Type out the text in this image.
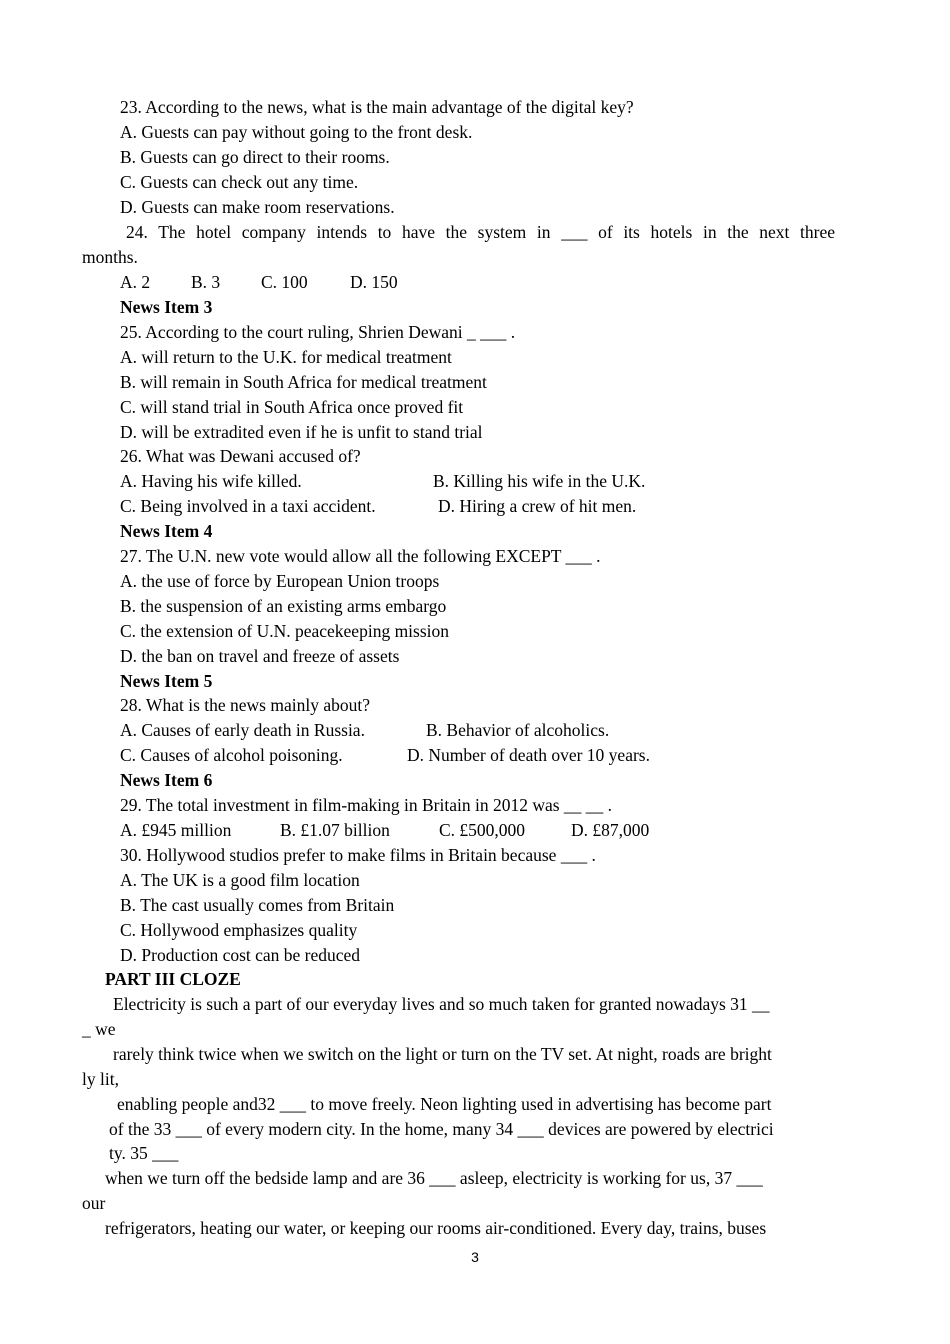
23. According to the news, what is the main advantage of the digital key?
A. Guests can pay without going to the front desk.
B. Guests can go direct to their rooms.
C. Guests can check out any time.
D. Guests can make room reservations.
24. The hotel company intends to have the system in ___ of its hotels in the next three
months.
A. 2 B. 3 C. 100 D. 150
News Item 3
25. According to the court ruling, Shrien Dewani _ ___ .
A. will return to the U.K. for medical treatment
B. will remain in South Africa for medical treatment
C. will stand trial in South Africa once proved fit
D. will be extradited even if he is unfit to stand trial
26. What was Dewani accused of?
A. Having his wife killed.	B. Killing his wife in the U.K.
C. Being involved in a taxi accident.	D. Hiring a crew of hit men.
News Item 4
27. The U.N. new vote would allow all the following EXCEPT ___ .
A. the use of force by European Union troops
B. the suspension of an existing arms embargo
C. the extension of U.N. peacekeeping mission
D. the ban on travel and freeze of assets
News Item 5
28. What is the news mainly about?
A. Causes of early death in Russia.	B. Behavior of alcoholics.
C. Causes of alcohol poisoning.	D. Number of death over 10 years.
News Item 6
29. The total investment in film-making in Britain in 2012 was __ __ .
A. £945 million	B. £1.07 billion	C. £500,000	D. £87,000
30. Hollywood studios prefer to make films in Britain because ___ .
A. The UK is a good film location
B. The cast usually comes from Britain
C. Hollywood emphasizes quality
D. Production cost can be reduced
PART III CLOZE
Electricity is such a part of our everyday lives and so much taken for granted nowadays 31 __
_ we
rarely think twice when we switch on the light or turn on the TV set. At night, roads are bright
ly lit,
enabling people and32 ___ to move freely. Neon lighting used in advertising has become part
of the 33 ___ of every modern city. In the home, many 34 ___ devices are powered by electrici
ty. 35 ___
when we turn off the bedside lamp and are 36 ___ asleep, electricity is working for us, 37 ___
our
refrigerators, heating our water, or keeping our rooms air-conditioned. Every day, trains, buses
3
